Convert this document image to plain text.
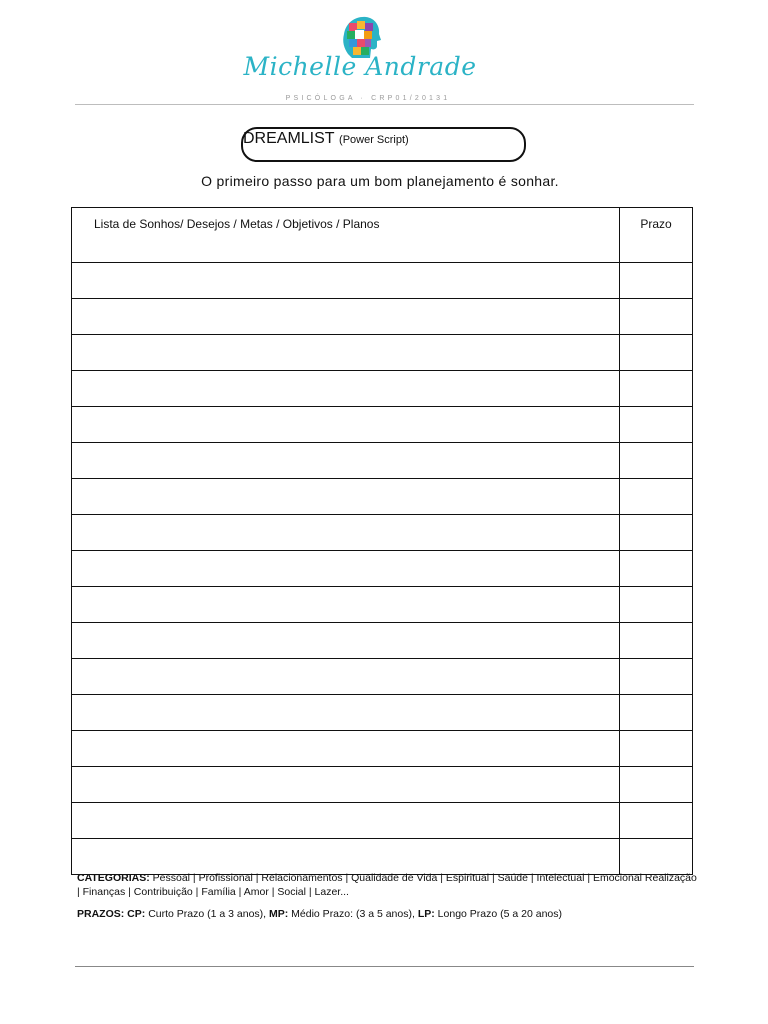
Michelle Andrade
PSICÓLOGA · CRP01/20131
DREAMLIST (Power Script)
O primeiro passo para um bom planejamento é sonhar.
Lista de Sonhos/ Desejos / Metas / Objetivos / Planos	Prazo

CATEGORIAS: Pessoal | Profissional | Relacionamentos | Qualidade de Vida | Espiritual | Saúde | Intelectual | Emocional Realização | Finanças | Contribuição | Família | Amor | Social | Lazer...
PRAZOS: CP: Curto Prazo (1 a 3 anos), MP: Médio Prazo: (3 a 5 anos), LP: Longo Prazo (5 a 20 anos)
